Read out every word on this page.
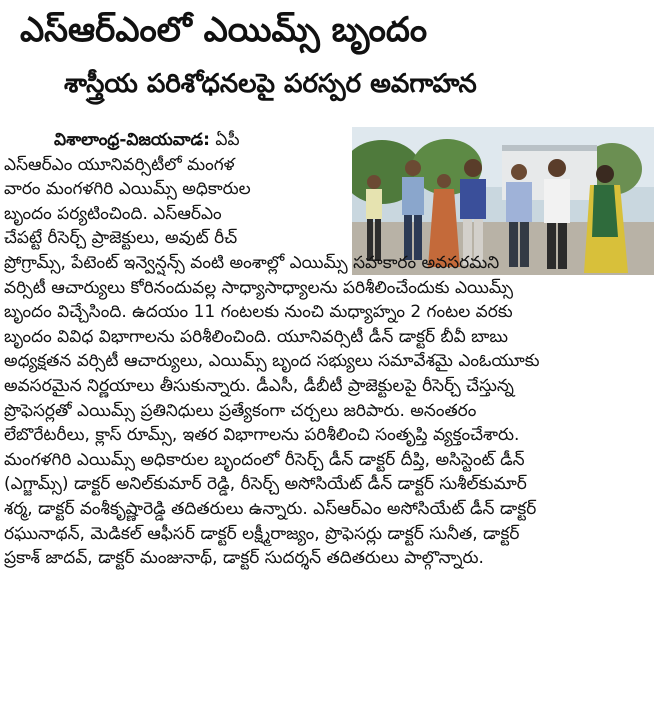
ఎస్‌ఆర్‌ఎంలో ఎయిమ్స్‌ బృందం
శాస్త్రీయ పరిశోధనలపై పరస్పర అవగాహన
విశాలాంధ్ర-విజయవాడ: ఏపీ
ఎస్‌ఆర్‌ఎం యూనివర్సిటీలో మంగళ
వారం మంగళగిరి ఎయిమ్స్‌ అధికారుల
బృందం పర్యటించింది. ఎస్‌ఆర్‌ఎం
చేపట్టే రీసెర్చ్‌ ప్రాజెక్టులు, అవుట్‌ రీచ్‌
ప్రోగ్రామ్స్‌, పేటెంట్‌ ఇన్వెన్షన్స్‌ వంటి అంశాల్లో ఎయిమ్స్‌ సహకారం అవసరమని
వర్సిటీ ఆచార్యులు కోరినందువల్ల సాధ్యాసాధ్యాలను పరిశీలించేందుకు ఎయిమ్స్‌
బృందం విచ్చేసింది. ఉదయం 11 గంటలకు నుంచి మధ్యాహ్నం 2 గంటల వరకు
బృందం వివిధ విభాగాలను పరిశీలించింది. యూనివర్సిటీ డీన్‌ డాక్టర్‌ బీవీ బాబు
అధ్యక్షతన వర్సిటీ ఆచార్యులు, ఎయిమ్స్‌ బృంద సభ్యులు సమావేశమై ఎంఓయూకు
అవసరమైన నిర్ణయాలు తీసుకున్నారు. డీఎసీ, డీబీటీ ప్రాజెక్టులపై రీసెర్చ్‌ చేస్తున్న
ప్రొఫెసర్లతో ఎయిమ్స్‌ ప్రతినిధులు ప్రత్యేకంగా చర్చలు జరిపారు. అనంతరం
లేబొరేటరీలు, క్లాస్‌ రూమ్స్‌, ఇతర విభాగాలను పరిశీలించి సంతృప్తి వ్యక్తంచేశారు.
మంగళగిరి ఎయిమ్స్‌ అధికారుల బృందంలో రీసెర్చ్‌ డీన్‌ డాక్టర్‌ దీప్తి, అసిస్టెంట్‌ డీన్‌
(ఎగ్జామ్స్‌) డాక్టర్‌ అనిల్‌కుమార్‌ రెడ్డి, రీసెర్చ్‌ అసోసియేట్‌ డీన్‌ డాక్టర్‌ సుశీల్‌కుమార్‌
శర్మ, డాక్టర్‌ వంశీకృష్ణారెడ్డి తదితరులు ఉన్నారు. ఎస్‌ఆర్‌ఎం అసోసియేట్‌ డీన్‌ డాక్టర్‌
రఘునాథన్‌, మెడికల్‌ ఆఫీసర్‌ డాక్టర్‌ లక్ష్మీరాజ్యం, ప్రొఫెసర్లు డాక్టర్‌ సునీత, డాక్టర్‌
ప్రకాశ్‌ జాదవ్‌, డాక్టర్‌ మంజునాథ్‌, డాక్టర్‌ సుదర్శన్‌ తదితరులు పాల్గొన్నారు.
